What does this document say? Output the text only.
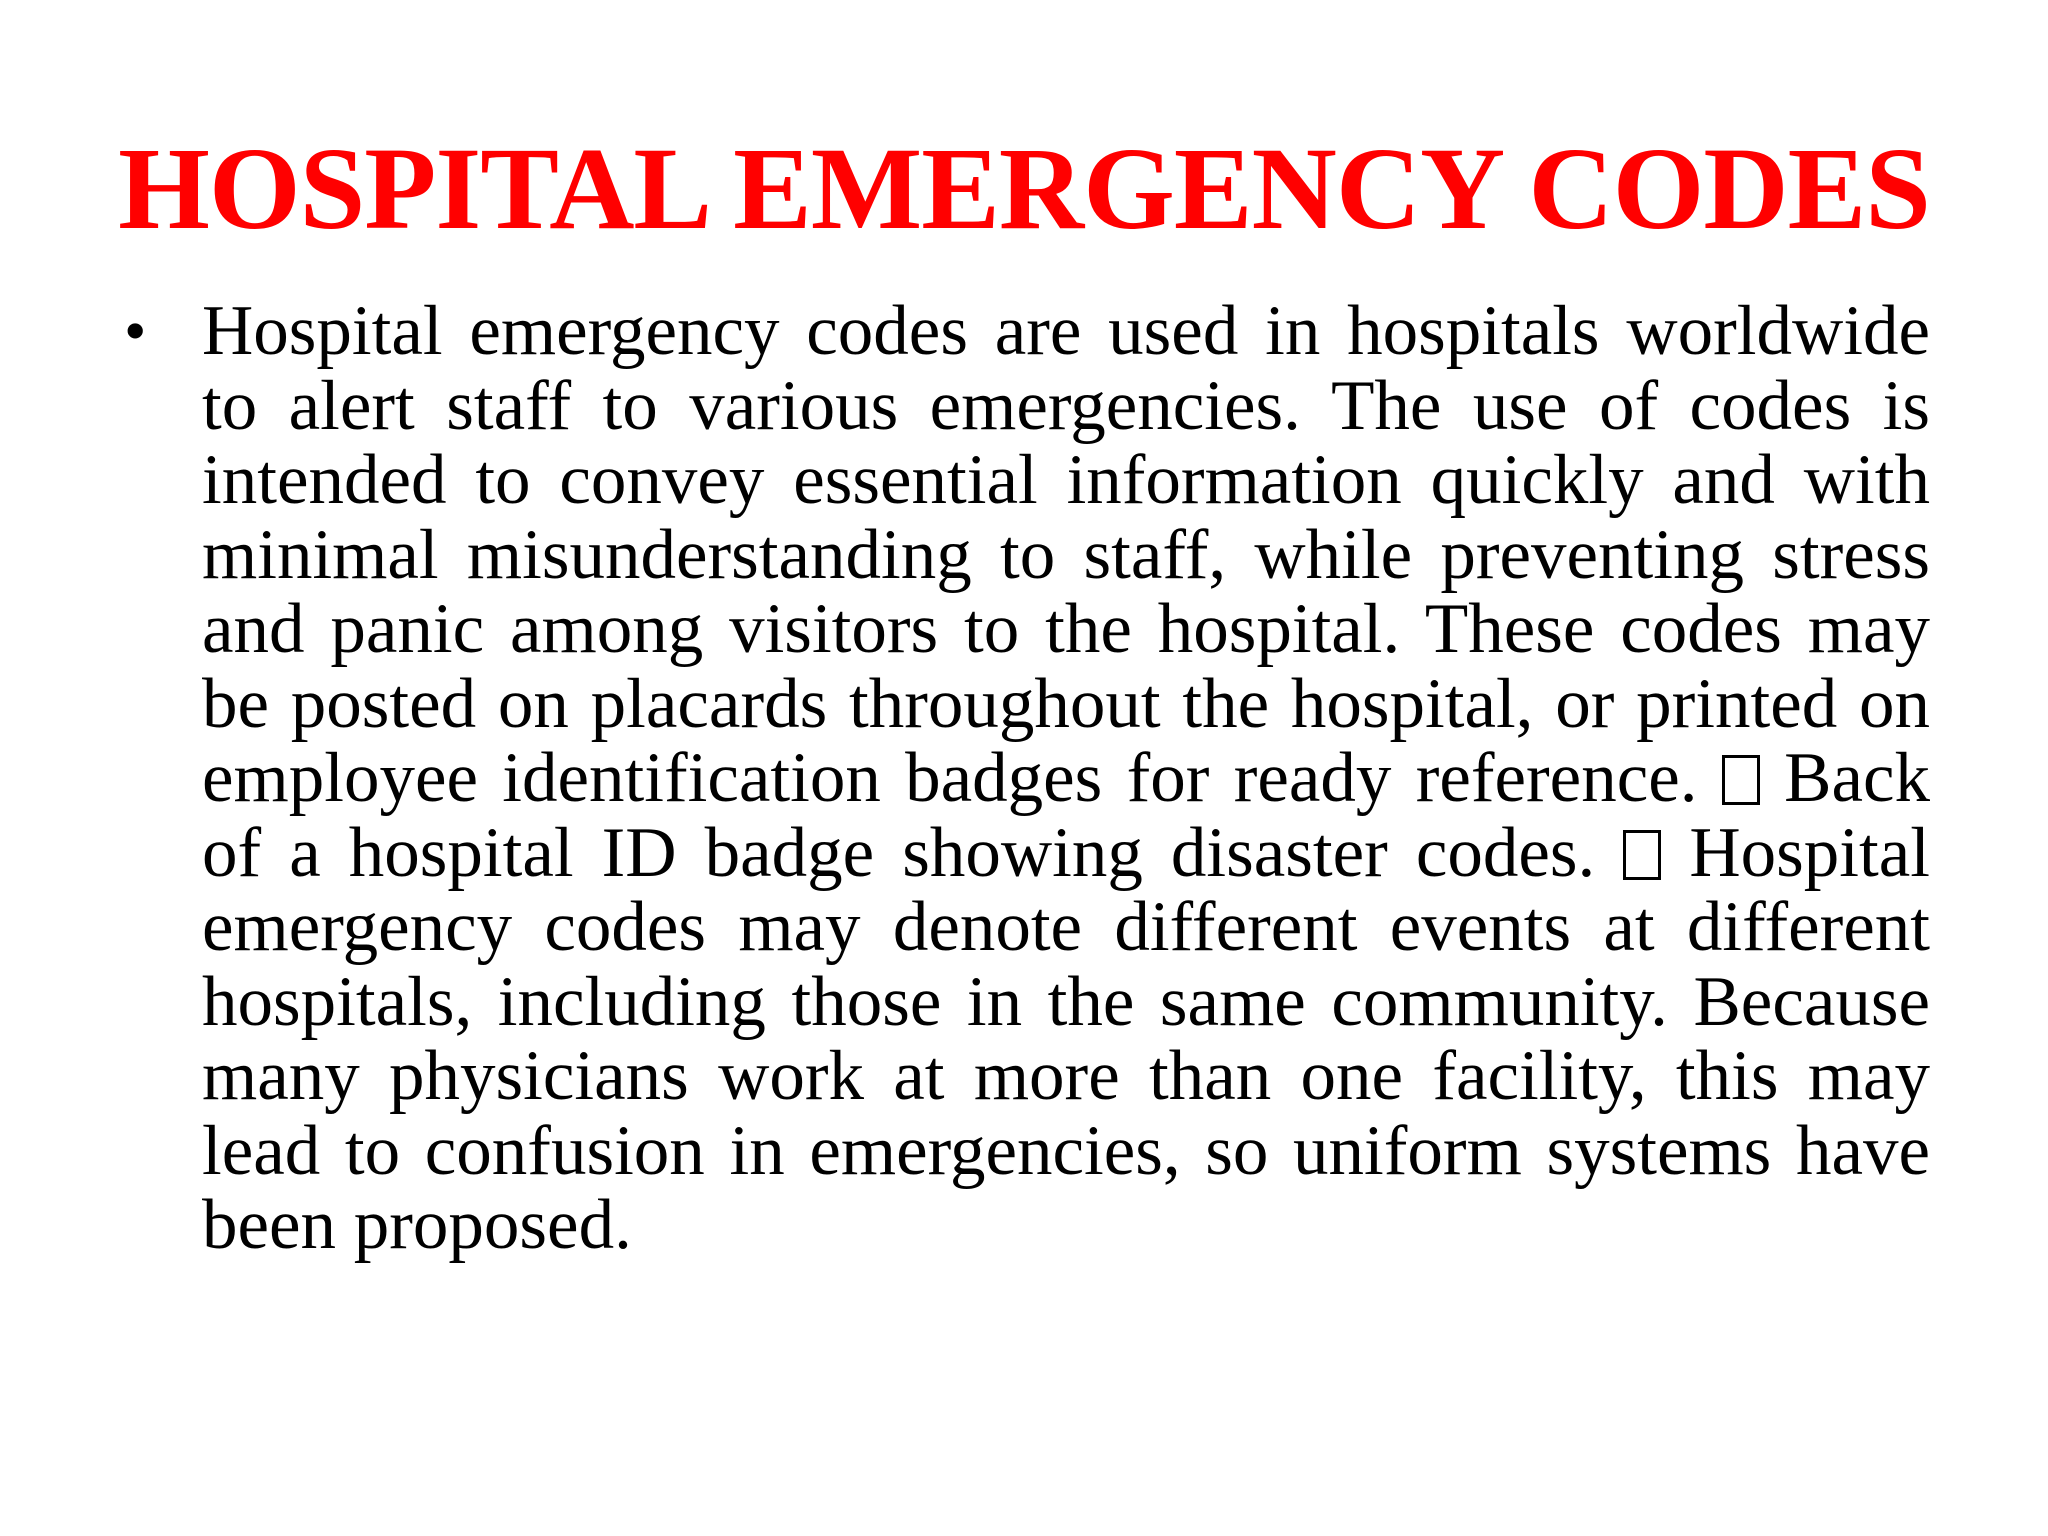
HOSPITAL EMERGENCY CODES
• Hospital emergency codes are used in hospitals worldwide to alert staff to various emergencies. The use of codes is intended to convey essential information quickly and with minimal misunderstanding to staff, while preventing stress and panic among visitors to the hospital. These codes may be posted on placards throughout the hospital, or printed on employee identification badges for ready reference.  Back of a hospital ID badge showing disaster codes.  Hospital emergency codes may denote different events at different hospitals, including those in the same community. Because many physicians work at more than one facility, this may lead to confusion in emergencies, so uniform systems have been proposed.
